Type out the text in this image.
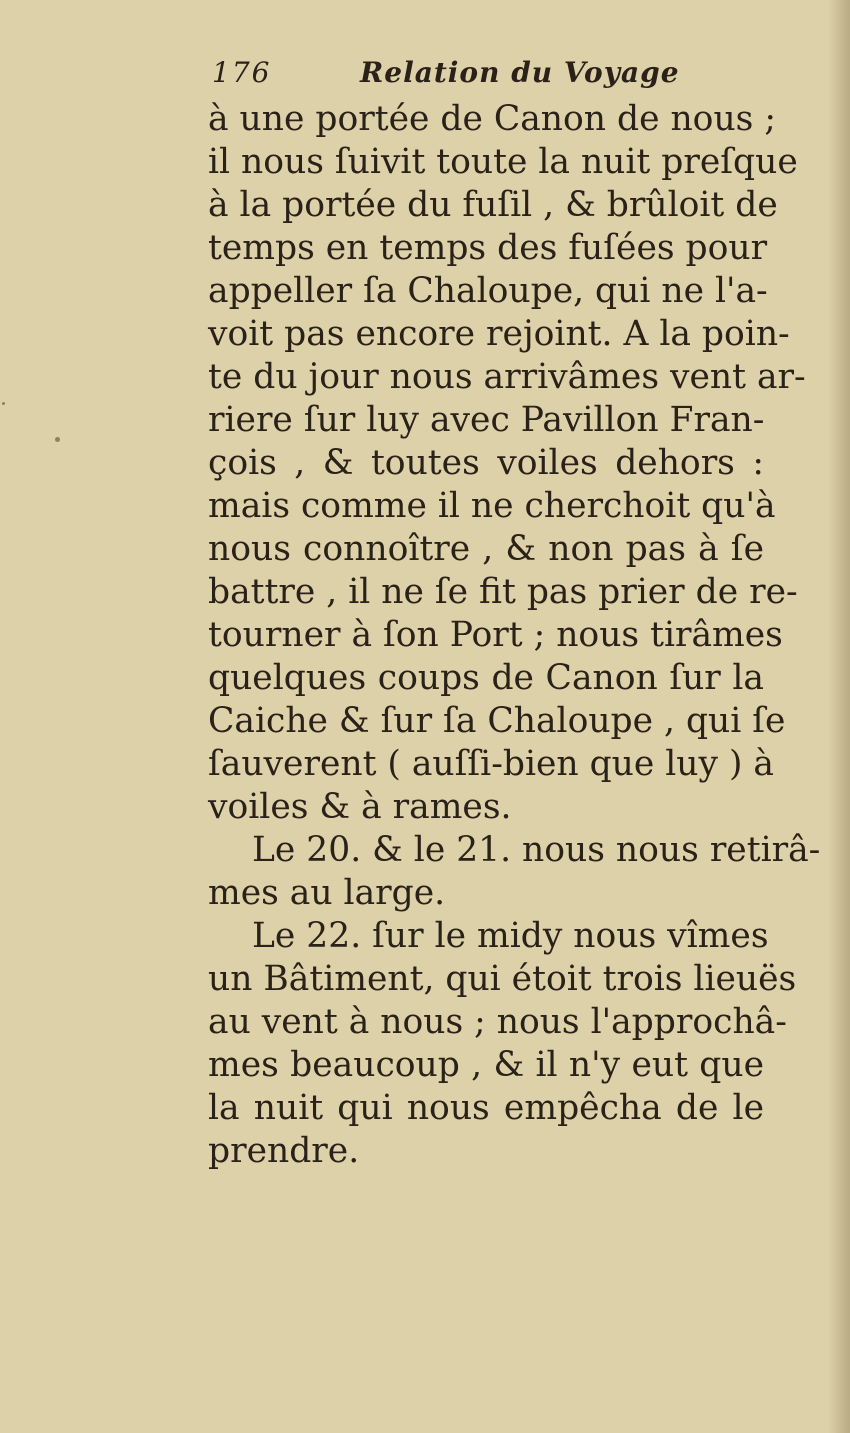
176	Relation du Voyage
à une portée de Canon de nous ;
il nous ſuivit toute la nuit preſque
à la portée du fuſil , & brûloit de
temps en temps des fuſées pour
appeller ſa Chaloupe, qui ne l'a-
voit pas encore rejoint. A la poin-
te du jour nous arrivâmes vent ar-
riere ſur luy avec Pavillon Fran-
çois , & toutes voiles dehors :
mais comme il ne cherchoit qu'à
nous connoître , & non pas à ſe
battre , il ne ſe fit pas prier de re-
tourner à ſon Port ; nous tirâmes
quelques coups de Canon ſur la
Caiche & ſur ſa Chaloupe , qui ſe
ſauverent ( auſſi-bien que luy ) à
voiles & à rames.
Le 20. & le 21. nous nous retirâ-
mes au large.
Le 22. ſur le midy nous vîmes
un Bâtiment, qui étoit trois lieuës
au vent à nous ; nous l'approchâ-
mes beaucoup , & il n'y eut que
la nuit qui nous empêcha de le
prendre.
